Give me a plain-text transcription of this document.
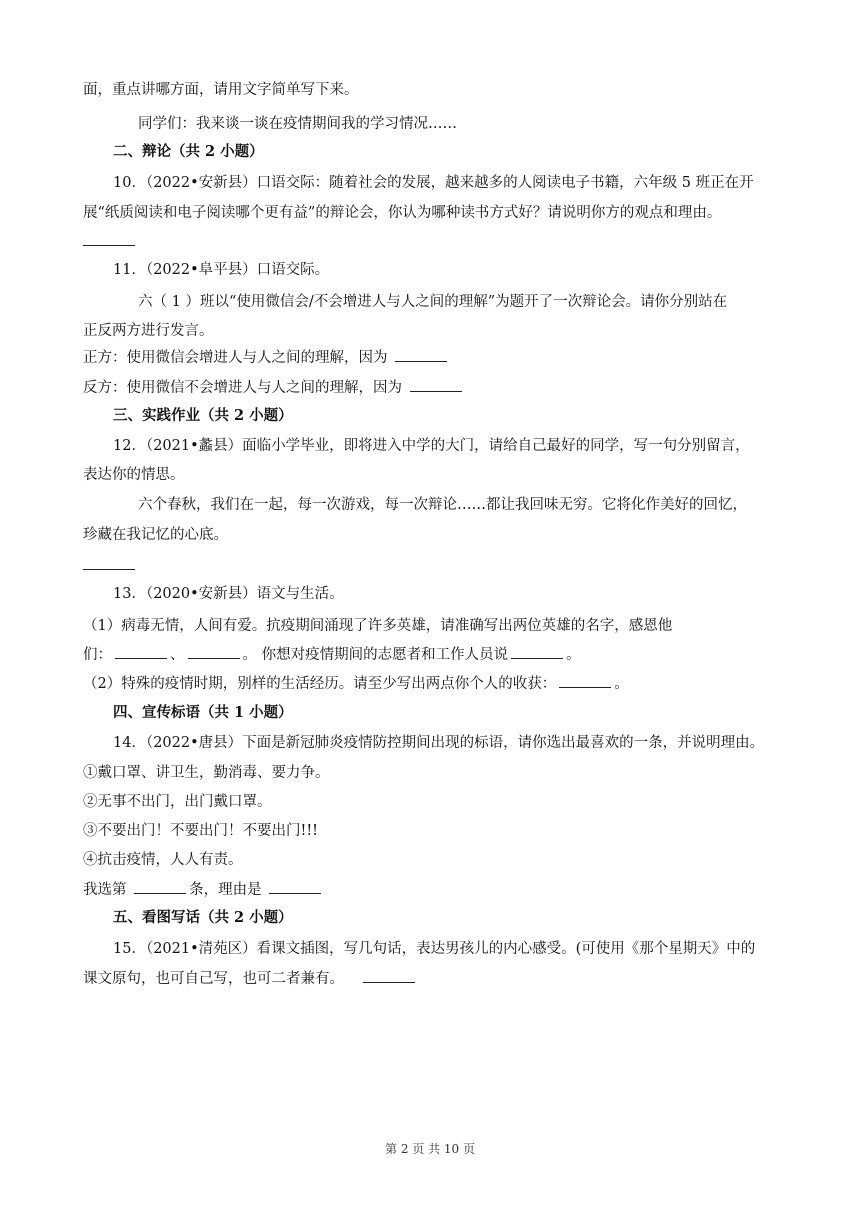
面，重点讲哪方面，请用文字简单写下来。
同学们：我来谈一谈在疫情期间我的学习情况……
二、辩论（共 2 小题）
10．（2022•安新县）口语交际：随着社会的发展，越来越多的人阅读电子书籍，六年级 5 班正在开
展“纸质阅读和电子阅读哪个更有益”的辩论会，你认为哪种读书方式好？请说明你方的观点和理由。
11．（2022•阜平县）口语交际。
六（ 1 ）班以“使用微信会/不会增进人与人之间的理解”为题开了一次辩论会。请你分别站在
正反两方进行发言。
正方：使用微信会增进人与人之间的理解，因为
反方：使用微信不会增进人与人之间的理解，因为
三、实践作业（共 2 小题）
12．（2021•蠡县）面临小学毕业，即将进入中学的大门，请给自己最好的同学，写一句分别留言，
表达你的情思。
六个春秋，我们在一起，每一次游戏，每一次辩论……都让我回味无穷。它将化作美好的回忆，
珍藏在我记忆的心底。
13．（2020•安新县）语文与生活。
（1）病毒无情，人间有爱。抗疫期间涌现了许多英雄，请准确写出两位英雄的名字，感恩他
们：	、	。 你想对疫情期间的志愿者和工作人员说	。
（2）特殊的疫情时期，别样的生活经历。请至少写出两点你个人的收获：	。
四、宣传标语（共 1 小题）
14．（2022•唐县）下面是新冠肺炎疫情防控期间出现的标语，请你选出最喜欢的一条，并说明理由。
①戴口罩、讲卫生，勤消毒、要力争。
②无事不出门，出门戴口罩。
③不要出门！不要出门！不要出门!!!
④抗击疫情，人人有责。
我选第	条，理由是
五、看图写话（共 2 小题）
15．（2021•清苑区）看课文插图，写几句话，表达男孩儿的内心感受。(可使用《那个星期天》中的
课文原句，也可自己写，也可二者兼有。
第 2 页 共 10 页
